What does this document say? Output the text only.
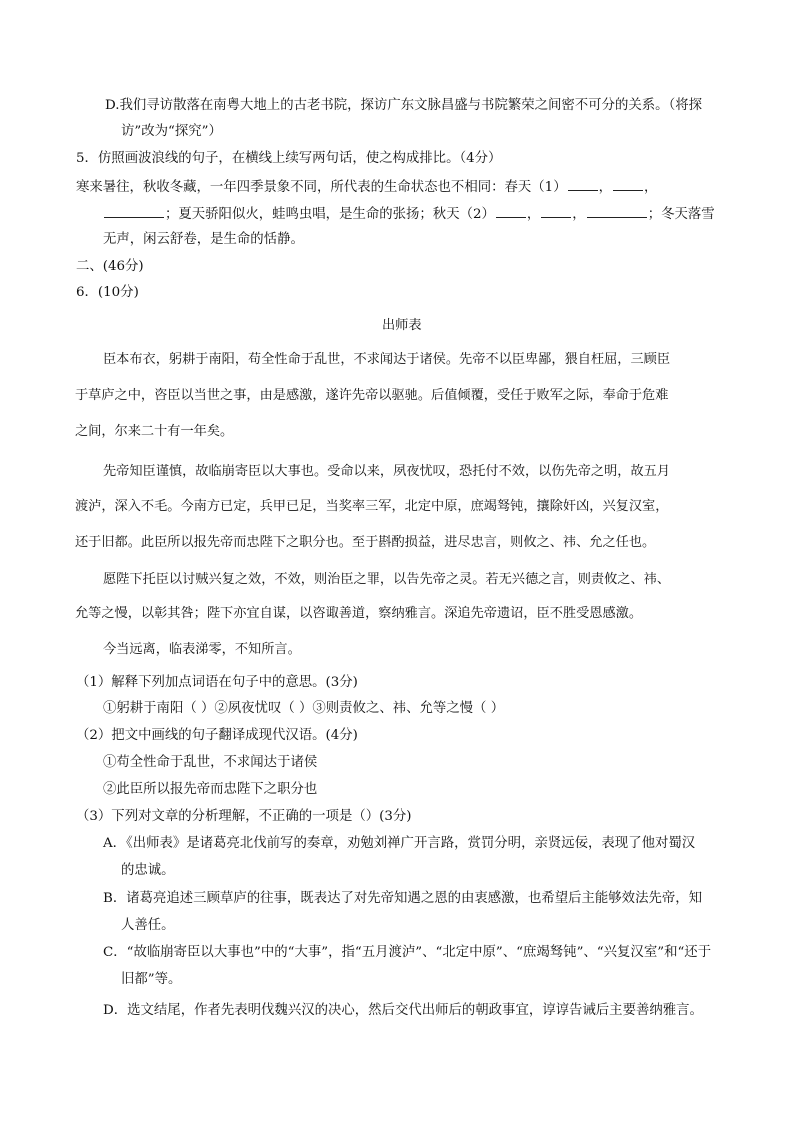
D.我们寻访散落在南粤大地上的古老书院，探访广东文脉昌盛与书院繁荣之间密不可分的关系。（将探
访”改为“探究”）
5．仿照画波浪线的句子，在横线上续写两句话，使之构成排比。（4分）
寒来暑往，秋收冬藏，一年四季景象不同，所代表的生命状态也不相同：春天（1） ， ，
；夏天骄阳似火，蛙鸣虫唱，是生命的张扬；秋天（2） ， ，	；冬天落雪
无声，闲云舒卷，是生命的恬静。
二、(46分)
6．(10分)
出师表
臣本布衣，躬耕于南阳，苟全性命于乱世，不求闻达于诸侯。先帝不以臣卑鄙，猥自枉屈，三顾臣
于草庐之中，咨臣以当世之事，由是感激，遂许先帝以驱驰。后值倾覆，受任于败军之际，奉命于危难
之间，尔来二十有一年矣。
先帝知臣谨慎，故临崩寄臣以大事也。受命以来，夙夜忧叹，恐托付不效，以伤先帝之明，故五月
渡泸，深入不毛。今南方已定，兵甲已足，当奖率三军，北定中原，庶竭驽钝，攘除奸凶，兴复汉室，
还于旧都。此臣所以报先帝而忠陛下之职分也。至于斟酌损益，进尽忠言，则攸之、祎、允之任也。
愿陛下托臣以讨贼兴复之效，不效，则治臣之罪，以告先帝之灵。若无兴德之言，则责攸之、祎、
允等之慢，以彰其咎；陛下亦宜自谋，以咨诹善道，察纳雅言。深追先帝遗诏，臣不胜受恩感激。
今当远离，临表涕零，不知所言。
（1）解释下列加点词语在句子中的意思。(3分)
①躬耕于南阳（ ）②夙夜忧叹（ ）③则责攸之、祎、允等之慢（ ）
（2）把文中画线的句子翻译成现代汉语。(4分)
①苟全性命于乱世，不求闻达于诸侯
②此臣所以报先帝而忠陛下之职分也
（3）下列对文章的分析理解，不正确的一项是（）(3分)
A．《出师表》是诸葛亮北伐前写的奏章，劝勉刘禅广开言路，赏罚分明，亲贤远佞，表现了他对蜀汉
的忠诚。
B．诸葛亮追述三顾草庐的往事，既表达了对先帝知遇之恩的由衷感激，也希望后主能够效法先帝，知
人善任。
C．“故临崩寄臣以大事也”中的“大事”，指“五月渡泸”、“北定中原”、“庶竭驽钝”、“兴复汉室”和“还于
旧都”等。
D．选文结尾，作者先表明伐魏兴汉的决心，然后交代出师后的朝政事宜，谆谆告诫后主要善纳雅言。
